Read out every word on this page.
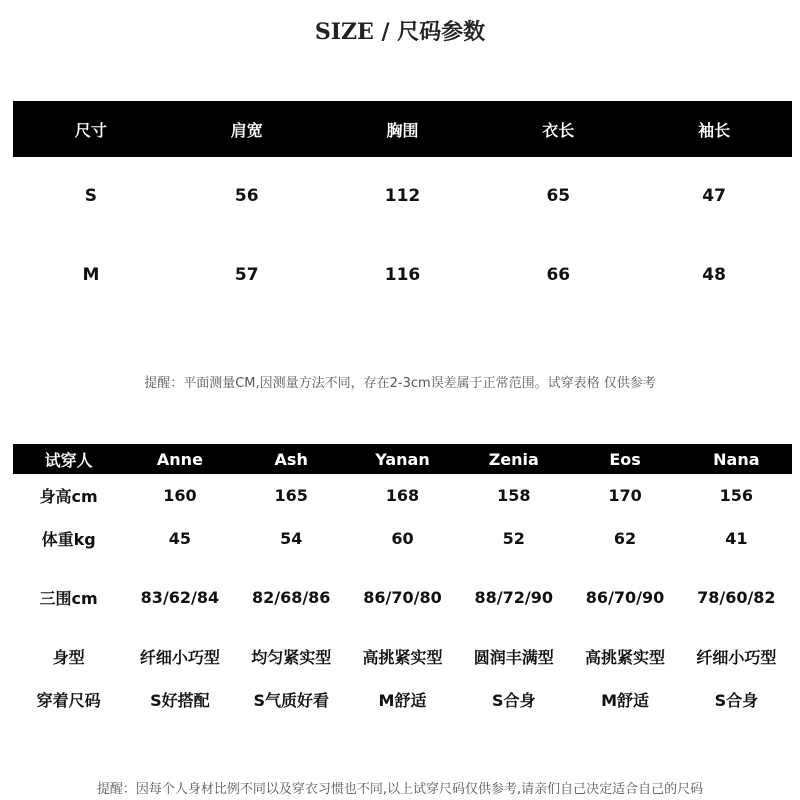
SIZE / 尺码参数
尺寸	肩宽	胸围	衣长	袖长
S	56	112	65	47
M	57	116	66	48
提醒：平面测量CM,因测量方法不同，存在2-3cm误差属于正常范围。试穿表格 仅供参考
试穿人	Anne	Ash	Yanan	Zenia	Eos	Nana
身高cm	160	165	168	158	170	156
体重kg	45	54	60	52	62	41
三围cm	83/62/84	82/68/86	86/70/80	88/72/90	86/70/90	78/60/82
身型	纤细小巧型	均匀紧实型	高挑紧实型	圆润丰满型	高挑紧实型	纤细小巧型
穿着尺码	S好搭配	S气质好看	M舒适	S合身	M舒适	S合身
提醒：因每个人身材比例不同以及穿衣习惯也不同,以上试穿尺码仅供参考,请亲们自己决定适合自己的尺码
